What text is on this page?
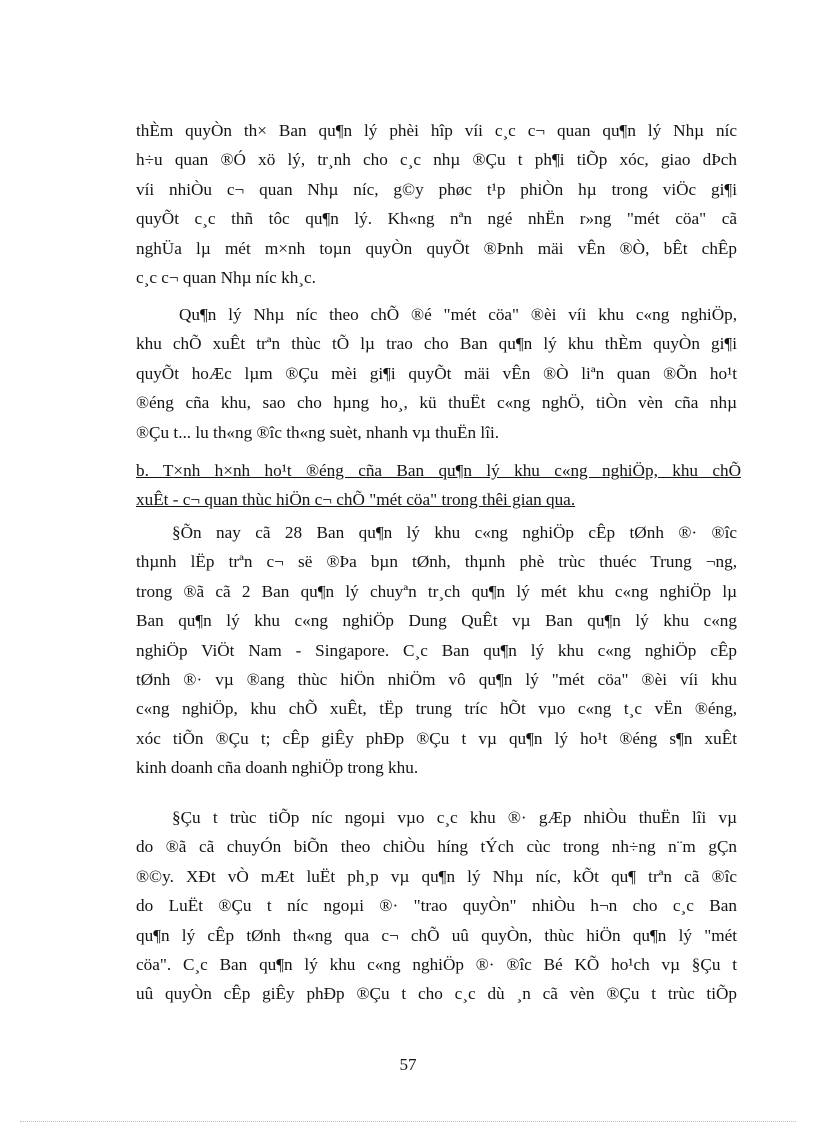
thÈm quyÒn th× Ban qu¶n lý phèi hîp víi c¸c c¬ quan qu¶n lý Nhµ níc
h÷u quan ®Ó xö lý, tr¸nh cho c¸c nhµ ®Çu t ph¶i tiÕp xóc, giao dÞch
víi nhiÒu c¬ quan Nhµ níc, g©y phøc t¹p phiÒn hµ trong viÖc gi¶i
quyÕt c¸c thñ tôc qu¶n lý. Kh«ng nªn ngé nhËn r»ng "mét cöa" cã
nghÜa lµ mét m×nh toµn quyÒn quyÕt ®Þnh mäi vÊn ®Ò, bÊt chÊp
c¸c c¬ quan Nhµ níc kh¸c.
Qu¶n lý Nhµ níc theo chÕ ®é "mét cöa" ®èi víi khu c«ng nghiÖp,
khu chÕ xuÊt trªn thùc tÕ lµ trao cho Ban qu¶n lý khu thÈm quyÒn gi¶i
quyÕt hoÆc lµm ®Çu mèi gi¶i quyÕt mäi vÊn ®Ò liªn quan ®Õn ho¹t
®éng cña khu, sao cho hµng ho¸, kü thuËt c«ng nghÖ, tiÒn vèn cña nhµ
®Çu t... lu th«ng ®îc th«ng suèt, nhanh vµ thuËn lîi.
b. T×nh h×nh ho¹t ®éng cña Ban qu¶n lý khu c«ng nghiÖp, khu chÕ
xuÊt - c¬ quan thùc hiÖn c¬ chÕ "mét cöa" trong thêi gian qua.
§Õn nay cã 28 Ban qu¶n lý khu c«ng nghiÖp cÊp tØnh ®· ®îc
thµnh lËp trªn c¬ së ®Þa bµn tØnh, thµnh phè trùc thuéc Trung ¬ng,
trong ®ã cã 2 Ban qu¶n lý chuyªn tr¸ch qu¶n lý mét khu c«ng nghiÖp lµ
Ban qu¶n lý khu c«ng nghiÖp Dung QuÊt vµ Ban qu¶n lý khu c«ng
nghiÖp ViÖt Nam - Singapore. C¸c Ban qu¶n lý khu c«ng nghiÖp cÊp
tØnh ®· vµ ®ang thùc hiÖn nhiÖm vô qu¶n lý "mét cöa" ®èi víi khu
c«ng nghiÖp, khu chÕ xuÊt, tËp trung tríc hÕt vµo c«ng t¸c vËn ®éng,
xóc tiÕn ®Çu t; cÊp giÊy phÐp ®Çu t vµ qu¶n lý ho¹t ®éng s¶n xuÊt
kinh doanh cña doanh nghiÖp trong khu.
§Çu t trùc tiÕp níc ngoµi vµo c¸c khu ®· gÆp nhiÒu thuËn lîi vµ
do ®ã cã chuyÓn biÕn theo chiÒu híng tÝch cùc trong nh÷ng n¨m gÇn
®©y. XÐt vÒ mÆt luËt ph¸p vµ qu¶n lý Nhµ níc, kÕt qu¶ trªn cã ®îc
do LuËt ®Çu t níc ngoµi ®· "trao quyÒn" nhiÒu h¬n cho c¸c Ban
qu¶n lý cÊp tØnh th«ng qua c¬ chÕ uû quyÒn, thùc hiÖn qu¶n lý "mét
cöa". C¸c Ban qu¶n lý khu c«ng nghiÖp ®· ®îc Bé KÕ ho¹ch vµ §Çu t
uû quyÒn cÊp giÊy phÐp ®Çu t cho c¸c dù ¸n cã vèn ®Çu t trùc tiÕp
57
